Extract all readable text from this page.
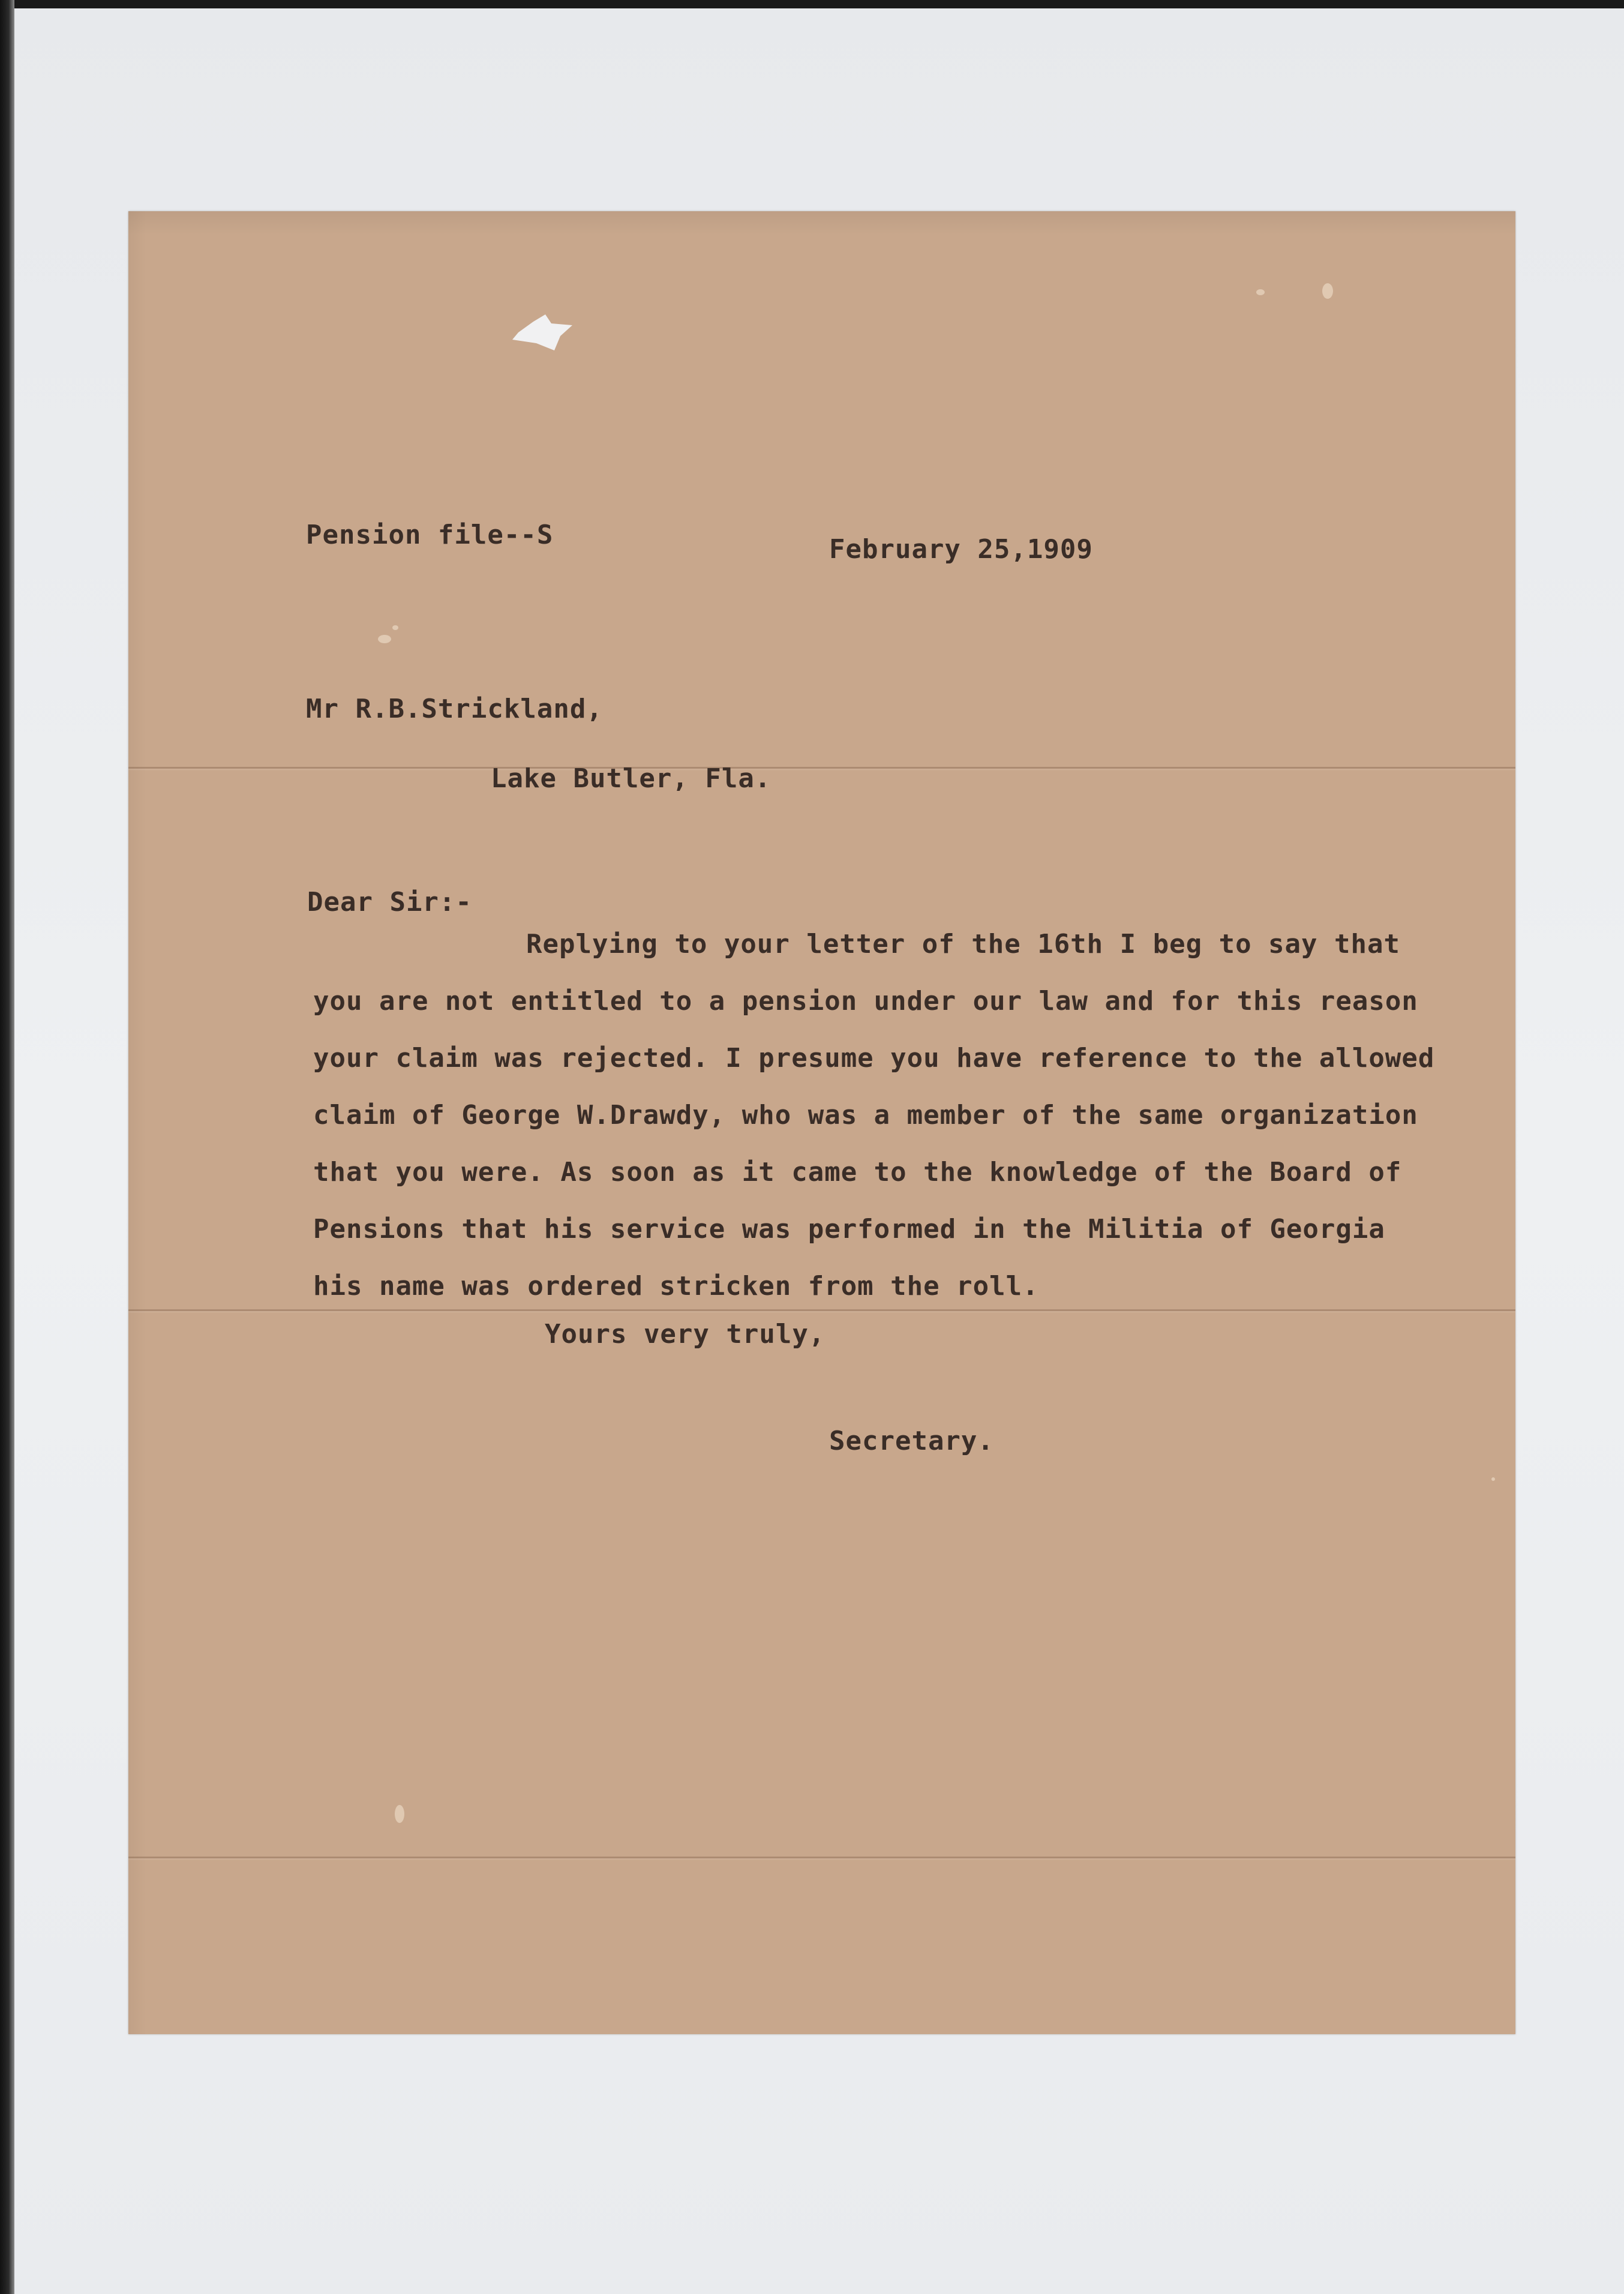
Pension file--S	February 25,1909

Mr R.B.Strickland,

Lake Butler, Fla.

Dear Sir:-

Replying to your letter of the 16th I beg to say that
you are not entitled to a pension under our law and for this reason
your claim was rejected. I presume you have reference to the allowed
claim of George W.Drawdy, who was a member of the same organization
that you were. As soon as it came to the knowledge of the Board of
Pensions that his service was performed in the Militia of Georgia
his name was ordered stricken from the roll.

Yours very truly,

Secretary.
